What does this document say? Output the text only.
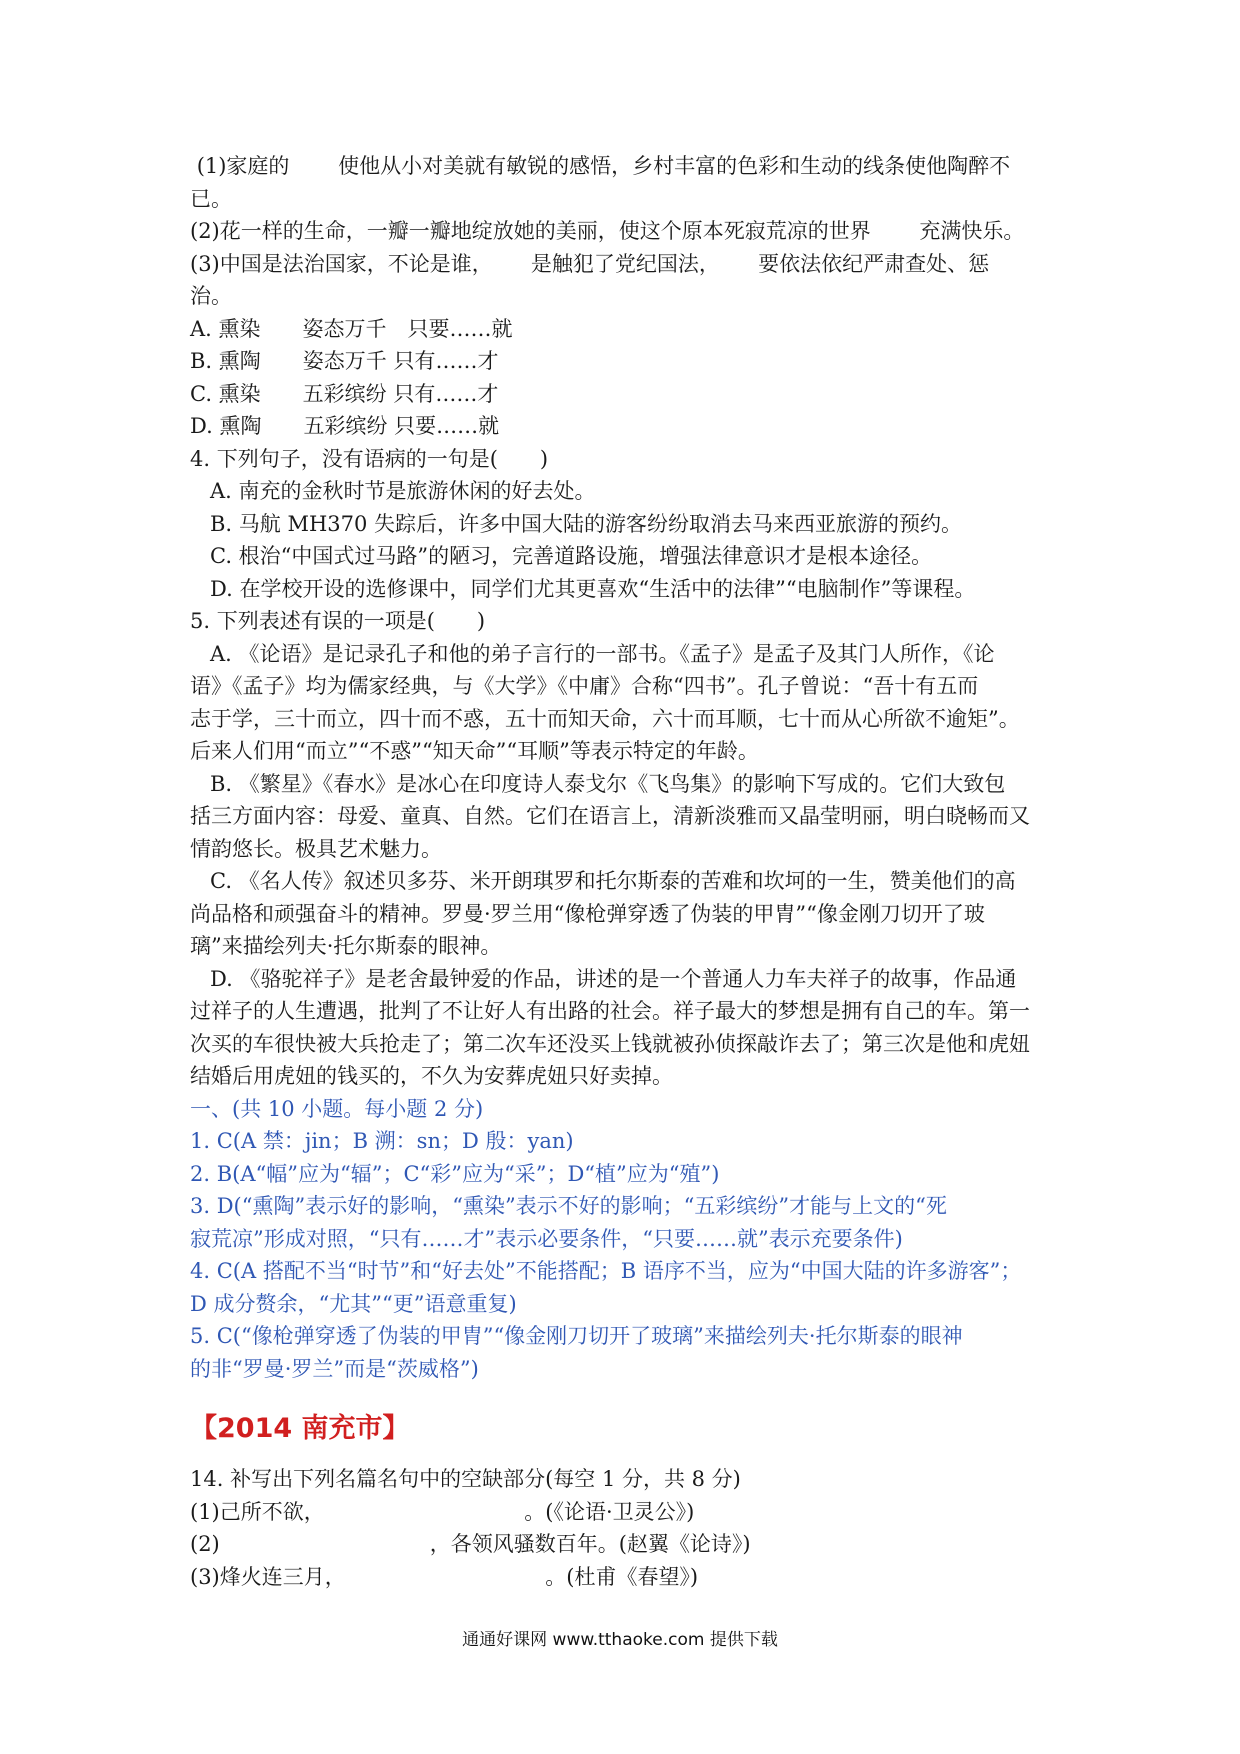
(1)家庭的　　 使他从小对美就有敏锐的感悟，乡村丰富的色彩和生动的线条使他陶醉不

已。

(2)花一样的生命，一瓣一瓣地绽放她的美丽，使这个原本死寂荒凉的世界　　 充满快乐。

(3)中国是法治国家，不论是谁，　　 是触犯了党纪国法，　　 要依法依纪严肃查处、惩

治。

A. 熏染　　姿态万千　只要……就

B. 熏陶　　姿态万千 只有……才

C. 熏染　　五彩缤纷 只有……才

D. 熏陶　　五彩缤纷 只要……就

4. 下列句子，没有语病的一句是(　　)

A. 南充的金秋时节是旅游休闲的好去处。

B. 马航 MH370 失踪后，许多中国大陆的游客纷纷取消去马来西亚旅游的预约。

C. 根治“中国式过马路”的陋习，完善道路设施，增强法律意识才是根本途径。

D. 在学校开设的选修课中，同学们尤其更喜欢“生活中的法律”“电脑制作”等课程。

5. 下列表述有误的一项是(　　)

A. 《论语》是记录孔子和他的弟子言行的一部书。《孟子》是孟子及其门人所作，《论

语》《孟子》均为儒家经典，与《大学》《中庸》合称“四书”。孔子曾说：“吾十有五而

志于学，三十而立，四十而不惑，五十而知天命，六十而耳顺，七十而从心所欲不逾矩”。

后来人们用“而立”“不惑”“知天命”“耳顺”等表示特定的年龄。

B. 《繁星》《春水》是冰心在印度诗人泰戈尔《飞鸟集》的影响下写成的。它们大致包

括三方面内容：母爱、童真、自然。它们在语言上，清新淡雅而又晶莹明丽，明白晓畅而又

情韵悠长。极具艺术魅力。

C. 《名人传》叙述贝多芬、米开朗琪罗和托尔斯泰的苦难和坎坷的一生，赞美他们的高

尚品格和顽强奋斗的精神。罗曼·罗兰用“像枪弹穿透了伪装的甲胄”“像金刚刀切开了玻

璃”来描绘列夫·托尔斯泰的眼神。

D. 《骆驼祥子》是老舍最钟爱的作品，讲述的是一个普通人力车夫祥子的故事，作品通

过祥子的人生遭遇，批判了不让好人有出路的社会。祥子最大的梦想是拥有自己的车。第一

次买的车很快被大兵抢走了；第二次车还没买上钱就被孙侦探敲诈去了；第三次是他和虎妞

结婚后用虎妞的钱买的，不久为安葬虎妞只好卖掉。

一、(共 10 小题。每小题 2 分)

1. C(A 禁：jin；B 溯：sn；D 殷：yan)

2. B(A“幅”应为“辐”；C“彩”应为“采”；D“植”应为“殖”)

3. D(“熏陶”表示好的影响，“熏染”表示不好的影响；“五彩缤纷”才能与上文的“死

寂荒凉”形成对照，“只有……才”表示必要条件，“只要……就”表示充要条件)

4. C(A 搭配不当“时节”和“好去处”不能搭配；B 语序不当，应为“中国大陆的许多游客”；

D 成分赘余，“尤其”“更”语意重复)

5. C(“像枪弹穿透了伪装的甲胄”“像金刚刀切开了玻璃”来描绘列夫·托尔斯泰的眼神

的非“罗曼·罗兰”而是“茨威格”)

【2014 南充市】

14. 补写出下列名篇名句中的空缺部分(每空 1 分，共 8 分)

(1)己所不欲，　　　　　　　　　　。(《论语·卫灵公》)

(2)　　　　　　　　　　，各领风骚数百年。(赵翼《论诗》)

(3)烽火连三月，　　　　　　　　　　。(杜甫《春望》)

通通好课网 www.tthaoke.com 提供下载
